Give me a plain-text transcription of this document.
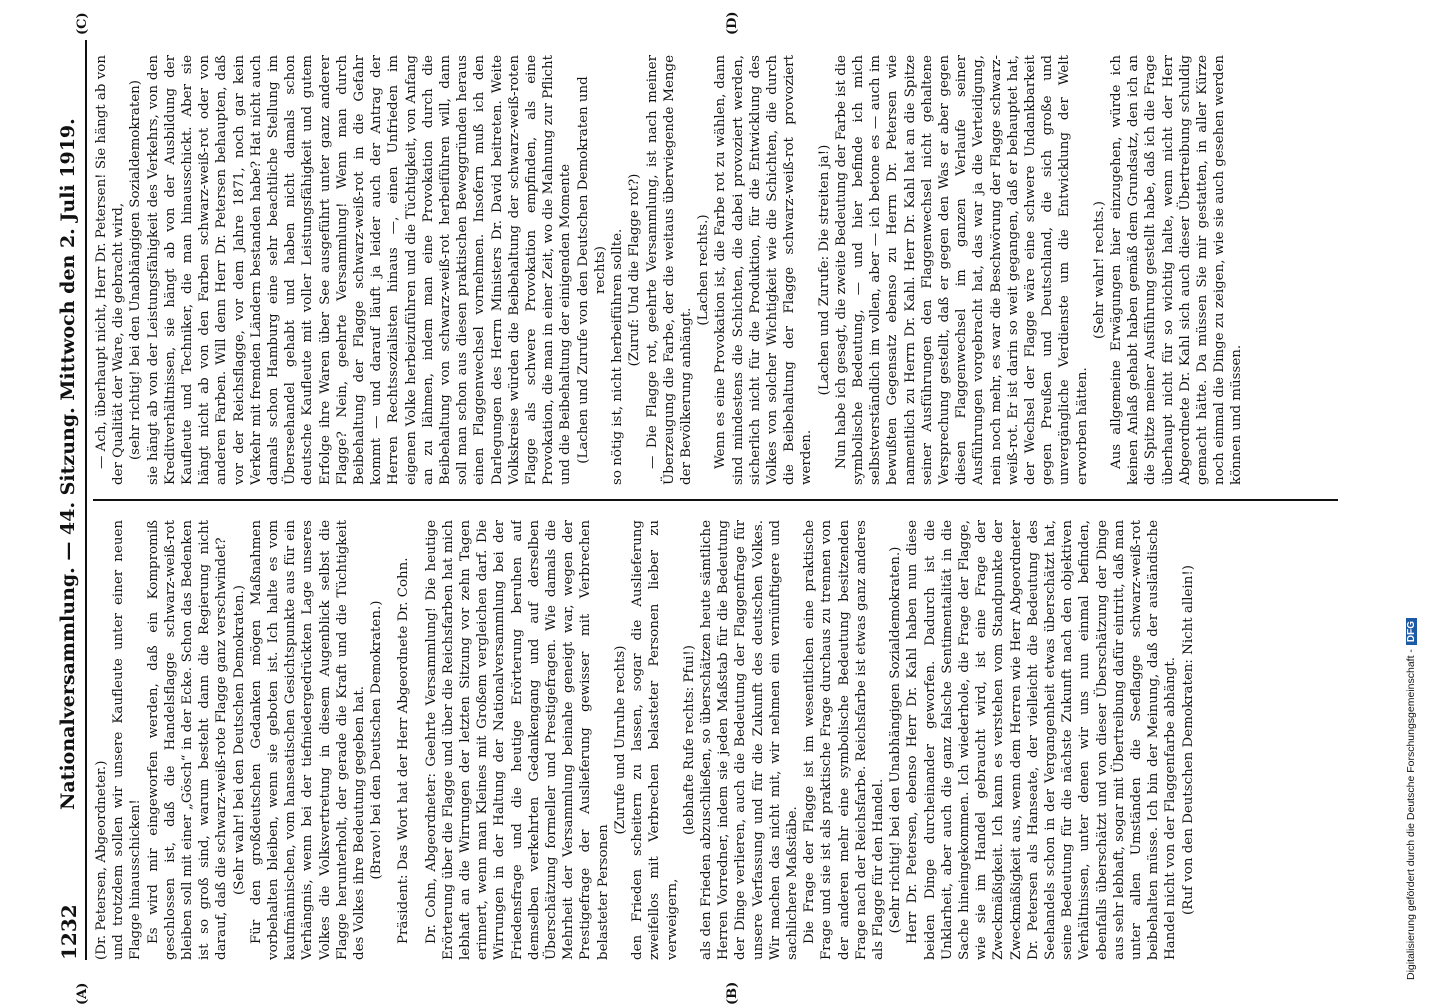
1232
Nationalversammlung. — 44. Sitzung. Mittwoch den 2. Juli 1919.

(Dr. Petersen, Abgeordneter.) und trotzdem sollen wir unsere Kaufleute unter einer neuen Flagge hinausschicken! Es wird mir eingeworfen werden, daß ein Kompromiß geschlossen ist, daß die Handelsflagge schwarz-weiß-rot bleiben soll mit einer „Gösch“ in der Ecke. Schon das Bedenken ist so groß sind, warum besteht dann die Regierung nicht darauf, daß die schwarz-weiß-rote Flagge ganz verschwindet? (Sehr wahr! bei den Deutschen Demokraten.) Für den großdeutschen Gedanken mögen Maßnahmen vorbehalten bleiben, wenn sie geboten ist. Ich halte es vom kaufmännischen, vom hanseatischen Gesichtspunkte aus für ein Verhängnis, wenn bei der tiefniedergedrückten Lage unseres Volkes die Volksvertretung in diesem Augenblick selbst die Flagge herunterholt, der gerade die Kraft und die Tüchtigkeit des Volkes ihre Bedeutung gegeben hat. (Bravo! bei den Deutschen Demokraten.) Präsident: Das Wort hat der Herr Abgeordnete Dr. Cohn. Dr. Cohn, Abgeordneter: Geehrte Versammlung! Die heutige Erörterung über die Flagge und über die Reichsfarben hat mich lebhaft an die Wirrungen der letzten Sitzung vor zehn Tagen erinnert, wenn man Kleines mit Großem vergleichen darf. Die Wirrungen in der Haltung der Nationalversammlung bei der Friedensfrage und die heutige Erörterung beruhen auf demselben verkehrten Gedankengang und auf derselben Überschätzung formeller und Prestigefragen. Wie damals die Mehrheit der Versammlung beinahe geneigt war, wegen der Prestigefrage der Auslieferung gewisser mit Verbrechen belasteter Personen

(Zurufe und Unruhe rechts) den Frieden scheitern zu lassen, sogar die Auslieferung zweifellos mit Verbrechen belasteter Personen lieber zu verweigern,

(lebhafte Rufe rechts: Pfui!) als den Frieden abzuschließen, so überschätzen heute sämtliche Herren Vorredner, indem sie jeden Maßstab für die Bedeutung der Dinge verlieren, auch die Bedeutung der Flaggenfrage für unsere Verfassung und für die Zukunft des deutschen Volkes. Wir machen das nicht mit, wir nehmen ein vernünftigere und sachlichere Maßstäbe. Die Frage der Flagge ist im wesentlichen eine praktische Frage und sie ist als praktische Frage durchaus zu trennen von der anderen mehr eine symbolische Bedeutung besitzenden Frage nach der Reichsfarbe. Reichsfarbe ist etwas ganz anderes als Flagge für den Handel. (Sehr richtig! bei den Unabhängigen Sozialdemokraten.) Herr Dr. Petersen, ebenso Herr Dr. Kahl haben nun diese beiden Dinge durcheinander geworfen. Dadurch ist die Unklarheit, aber auch die ganz falsche Sentimentalität in die Sache hineingekommen. Ich wiederhole, die Frage der Flagge, wie sie im Handel gebraucht wird, ist eine Frage der Zweckmäßigkeit. Ich kann es verstehen vom Standpunkte der Zweckmäßigkeit aus, wenn dem Herren wie Herr Abgeordneter Dr. Petersen als Hanseate, der vielleicht die Bedeutung des Seehandels schon in der Vergangenheit etwas überschätzt hat, seine Bedeutung für die nächste Zukunft nach den objektiven Verhältnissen, unter denen wir uns nun einmal befinden, ebenfalls überschätzt und von dieser Überschätzung der Dinge aus sehr lebhaft, sogar mit Übertreibung dafür eintritt, daß man unter allen Umständen die Seeflagge schwarz-weiß-rot beibehalten müsse. Ich bin der Meinung, daß der ausländische Handel nicht von der Flaggenfarbe abhängt. (Ruf von den Deutschen Demokraten: Nicht allein!)

— Ach, überhaupt nicht, Herr Dr. Petersen! Sie hängt ab von der Qualität der Ware, die gebracht wird, (sehr richtig! bei den Unabhängigen Sozialdemokraten) sie hängt ab von der Leistungsfähigkeit des Verkehrs, von den Kreditverhältnissen, sie hängt ab von der Ausbildung der Kaufleute und Techniker, die man hinausschickt. Aber sie hängt nicht ab von den Farben schwarz-weiß-rot oder von anderen Farben. Will denn Herr Dr. Petersen behaupten, daß vor der Reichsflagge, vor dem Jahre 1871, noch gar kein Verkehr mit fremden Ländern bestanden habe? Hat nicht auch damals schon Hamburg eine sehr beachtliche Stellung im Überseehandel gehabt und haben nicht damals schon deutsche Kaufleute mit voller Leistungsfähigkeit und gutem Erfolge ihre Waren über See ausgeführt unter ganz anderer Flagge? Nein, geehrte Versammlung! Wenn man durch Beibehaltung der Flagge schwarz-weiß-rot in die Gefahr kommt — und darauf läuft ja leider auch der Antrag der Herren Rechtssozialisten hinaus —, einen Unfrieden im eigenen Volke herbeizuführen und die Tüchtigkeit, von Anfang an zu lähmen, indem man eine Provokation durch die Beibehaltung von schwarz-weiß-rot herbeiführen will, dann soll man schon aus diesen praktischen Beweggründen heraus einen Flaggenwechsel vornehmen. Insofern muß ich den Darlegungen des Herrn Ministers Dr. David beitreten. Weite Volkskreise würden die Beibehaltung der schwarz-weiß-roten Flagge als schwere Provokation empfinden, als eine Provokation, die man in einer Zeit, wo die Mahnung zur Pflicht und die Beibehaltung der einigenden Momente (Lachen und Zurufe von den Deutschen Demokraten und rechts) so nötig ist, nicht herbeiführen sollte. (Zuruf: Und die Flagge rot?) — Die Flagge rot, geehrte Versammlung, ist nach meiner Überzeugung die Farbe, der die weitaus überwiegende Menge der Bevölkerung anhängt.

(Lachen rechts.) Wenn es eine Provokation ist, die Farbe rot zu wählen, dann sind mindestens die Schichten, die dabei provoziert werden, sicherlich nicht für die Produktion, für die Entwicklung des Volkes von solcher Wichtigkeit wie die Schichten, die durch die Beibehaltung der Flagge schwarz-weiß-rot provoziert werden.

(Lachen und Zurufe: Die streiten ja!) Nun habe ich gesagt, die zweite Bedeutung der Farbe ist die symbolische Bedeutung, — und hier befinde ich mich selbstverständlich im vollen, aber — ich betone es — auch im bewußten Gegensatz ebenso zu Herrn Dr. Petersen wie namentlich zu Herrn Dr. Kahl. Herr Dr. Kahl hat an die Spitze seiner Ausführungen den Flaggenwechsel nicht gehaltene Versprechung gestellt, daß er gegen den Was er aber gegen diesen Flaggenwechsel im ganzen Verlaufe seiner Ausführungen vorgebracht hat, das war ja die Verteidigung, nein noch mehr, es war die Beschwörung der Flagge schwarz-weiß-rot. Er ist darin so weit gegangen, daß er behauptet hat, der Wechsel der Flagge wäre eine schwere Undankbarkeit gegen Preußen und Deutschland, die sich große und unvergängliche Verdienste um die Entwicklung der Welt erworben hätten.

(Sehr wahr! rechts.) Aus allgemeine Erwägungen hier einzugehen, würde ich keinen Anlaß gehabt haben gemäß dem Grundsatz, den ich an die Spitze meiner Ausführung gestellt habe, daß ich die Frage überhaupt nicht für so wichtig halte, wenn nicht der Herr Abgeordnete Dr. Kahl sich auch dieser Übertreibung schuldig gemacht hätte. Da müssen Sie mir gestatten, in aller Kürze noch einmal die Dinge zu zeigen, wie sie auch gesehen werden können und müssen.

(A)	(B)
(C)	(D)
Digitalisierung gefördert durch die Deutsche Forschungsgemeinschaft -DFG
